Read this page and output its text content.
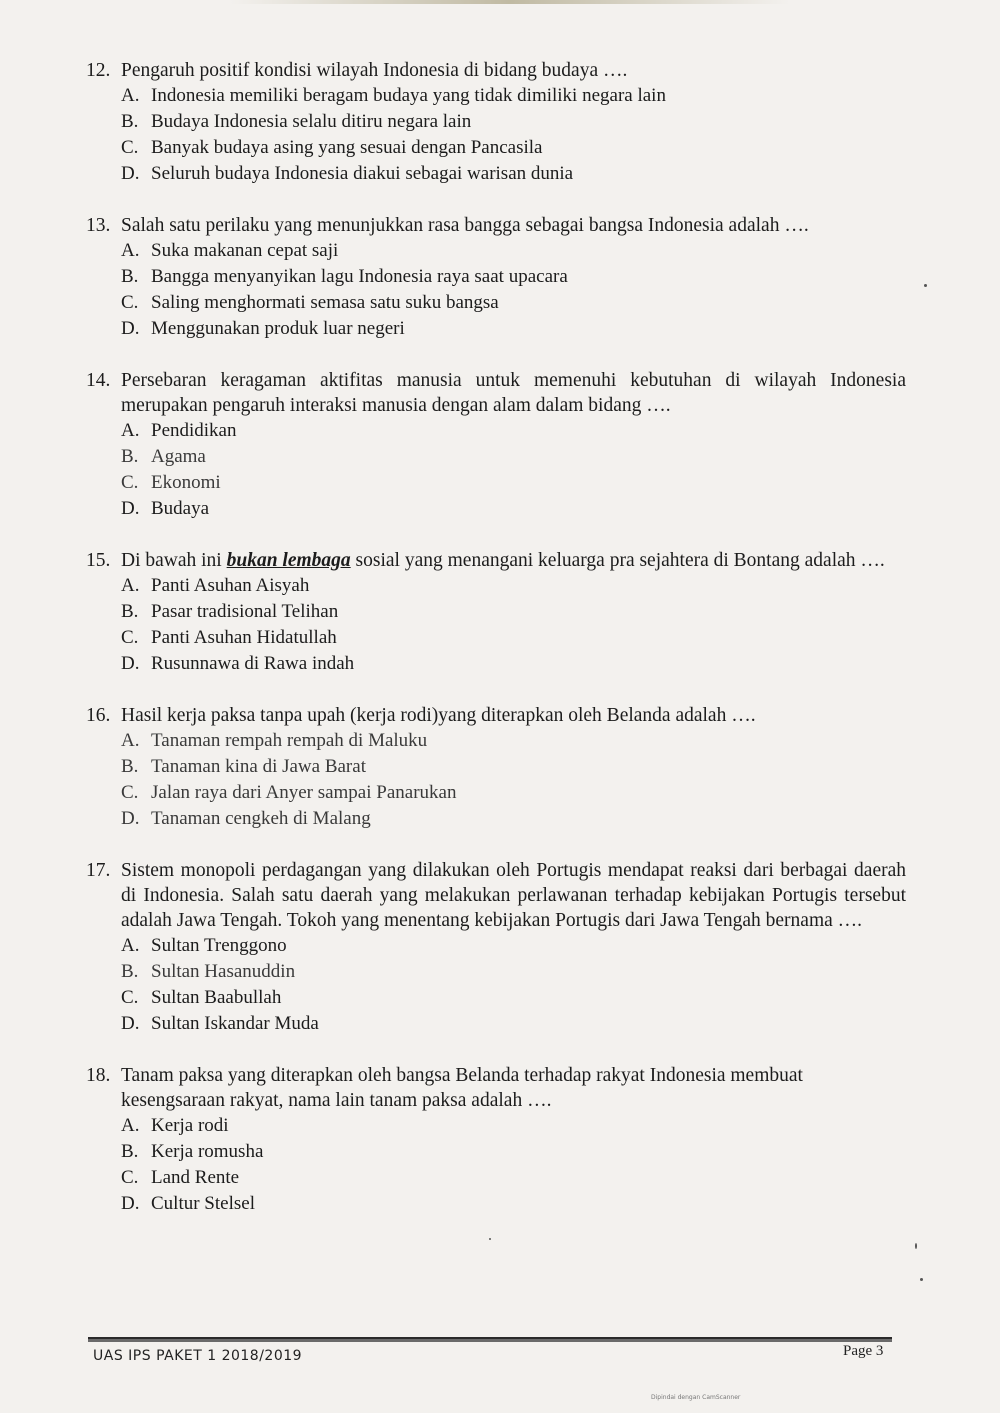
12. Pengaruh positif kondisi wilayah Indonesia di bidang budaya ….
A. Indonesia memiliki beragam budaya yang tidak dimiliki negara lain
B. Budaya Indonesia selalu ditiru negara lain
C. Banyak budaya asing yang sesuai dengan Pancasila
D. Seluruh budaya Indonesia diakui sebagai warisan dunia
13. Salah satu perilaku yang menunjukkan rasa bangga sebagai bangsa Indonesia adalah ….
A. Suka makanan cepat saji
B. Bangga menyanyikan lagu Indonesia raya saat upacara
C. Saling menghormati semasa satu suku bangsa
D. Menggunakan produk luar negeri
14. Persebaran keragaman aktifitas manusia untuk memenuhi kebutuhan di wilayah Indonesia merupakan pengaruh interaksi manusia dengan alam dalam bidang ….
A. Pendidikan
B. Agama
C. Ekonomi
D. Budaya
15. Di bawah ini bukan lembaga sosial yang menangani keluarga pra sejahtera di Bontang adalah ….
A. Panti Asuhan Aisyah
B. Pasar tradisional Telihan
C. Panti Asuhan Hidatullah
D. Rusunnawa di Rawa indah
16. Hasil kerja paksa tanpa upah (kerja rodi)yang diterapkan oleh Belanda adalah ….
A. Tanaman rempah rempah di Maluku
B. Tanaman kina di Jawa Barat
C. Jalan raya dari Anyer sampai Panarukan
D. Tanaman cengkeh di Malang
17. Sistem monopoli perdagangan yang dilakukan oleh Portugis mendapat reaksi dari berbagai daerah di Indonesia. Salah satu daerah yang melakukan perlawanan terhadap kebijakan Portugis tersebut adalah Jawa Tengah. Tokoh yang menentang kebijakan Portugis dari Jawa Tengah bernama ….
A. Sultan Trenggono
B. Sultan Hasanuddin
C. Sultan Baabullah
D. Sultan Iskandar Muda
18. Tanam paksa yang diterapkan oleh bangsa Belanda terhadap rakyat Indonesia membuat kesengsaraan rakyat, nama lain tanam paksa adalah ….
A. Kerja rodi
B. Kerja romusha
C. Land Rente
D. Cultur Stelsel
UAS IPS PAKET 1 2018/2019	Page 3
Dipindai dengan CamScanner
